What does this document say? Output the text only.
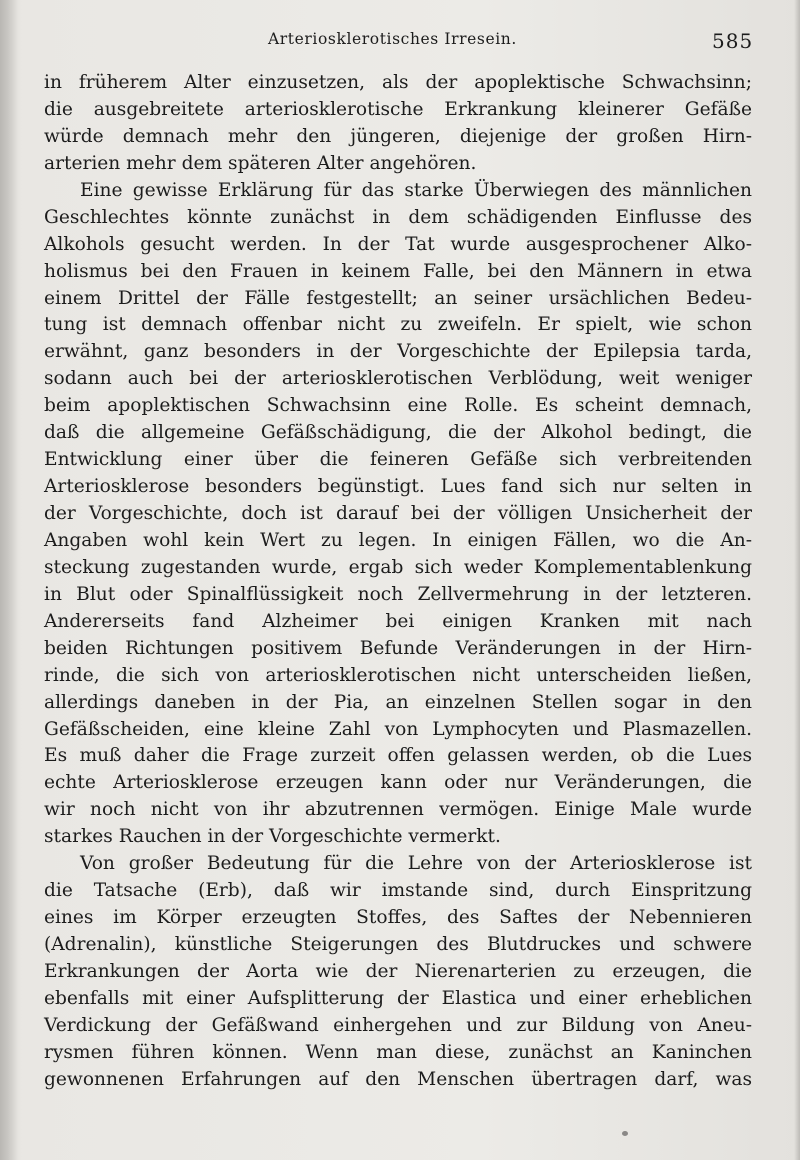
Arteriosklerotisches Irresein.	585
in früherem Alter einzusetzen, als der apoplektische Schwachsinn;
die ausgebreitete arteriosklerotische Erkrankung kleinerer Gefäße
würde demnach mehr den jüngeren, diejenige der großen Hirn-
arterien mehr dem späteren Alter angehören.
Eine gewisse Erklärung für das starke Überwiegen des männlichen
Geschlechtes könnte zunächst in dem schädigenden Einflusse des
Alkohols gesucht werden. In der Tat wurde ausgesprochener Alko-
holismus bei den Frauen in keinem Falle, bei den Männern in etwa
einem Drittel der Fälle festgestellt; an seiner ursächlichen Bedeu-
tung ist demnach offenbar nicht zu zweifeln. Er spielt, wie schon
erwähnt, ganz besonders in der Vorgeschichte der Epilepsia tarda,
sodann auch bei der arteriosklerotischen Verblödung, weit weniger
beim apoplektischen Schwachsinn eine Rolle. Es scheint demnach,
daß die allgemeine Gefäßschädigung, die der Alkohol bedingt, die
Entwicklung einer über die feineren Gefäße sich verbreitenden
Arteriosklerose besonders begünstigt. Lues fand sich nur selten in
der Vorgeschichte, doch ist darauf bei der völligen Unsicherheit der
Angaben wohl kein Wert zu legen. In einigen Fällen, wo die An-
steckung zugestanden wurde, ergab sich weder Komplementablenkung
in Blut oder Spinalflüssigkeit noch Zellvermehrung in der letzteren.
Andererseits fand Alzheimer bei einigen Kranken mit nach
beiden Richtungen positivem Befunde Veränderungen in der Hirn-
rinde, die sich von arteriosklerotischen nicht unterscheiden ließen,
allerdings daneben in der Pia, an einzelnen Stellen sogar in den
Gefäßscheiden, eine kleine Zahl von Lymphocyten und Plasmazellen.
Es muß daher die Frage zurzeit offen gelassen werden, ob die Lues
echte Arteriosklerose erzeugen kann oder nur Veränderungen, die
wir noch nicht von ihr abzutrennen vermögen. Einige Male wurde
starkes Rauchen in der Vorgeschichte vermerkt.
Von großer Bedeutung für die Lehre von der Arteriosklerose ist
die Tatsache (Erb), daß wir imstande sind, durch Einspritzung
eines im Körper erzeugten Stoffes, des Saftes der Nebennieren
(Adrenalin), künstliche Steigerungen des Blutdruckes und schwere
Erkrankungen der Aorta wie der Nierenarterien zu erzeugen, die
ebenfalls mit einer Aufsplitterung der Elastica und einer erheblichen
Verdickung der Gefäßwand einhergehen und zur Bildung von Aneu-
rysmen führen können. Wenn man diese, zunächst an Kaninchen
gewonnenen Erfahrungen auf den Menschen übertragen darf, was
